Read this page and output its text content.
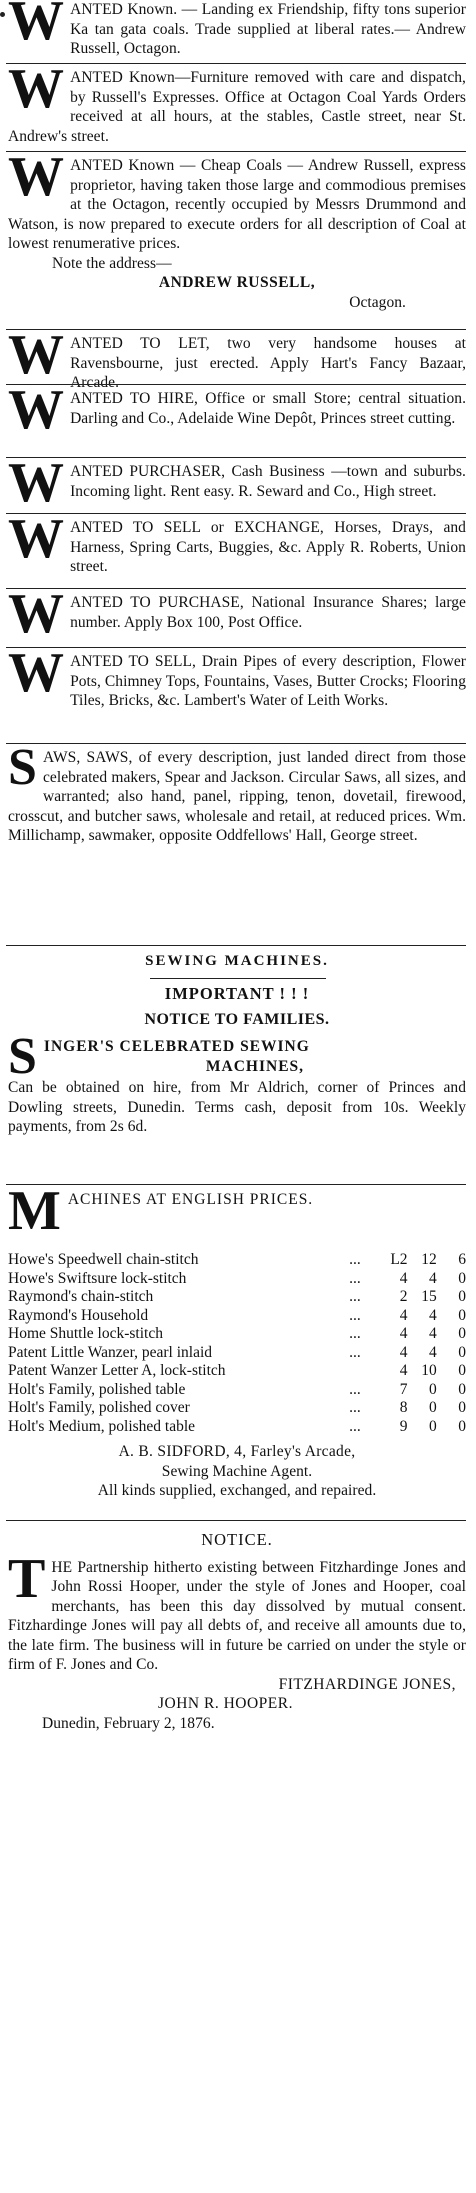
W ANTED Known. — Landing ex Friendship, fifty tons superior Ka tan gata coals. Trade supplied at liberal rates.— Andrew Russell, Octagon.

W ANTED Known—Furniture removed with care and dispatch, by Russell's Expresses. Office at Octagon Coal Yards Orders received at all hours, at the stables, Castle street, near St. Andrew's street.

W ANTED Known — Cheap Coals — Andrew Russell, express proprietor, having taken those large and commodious premises at the Octagon, recently occupied by Messrs Drummond and Watson, is now prepared to execute orders for all description of Coal at lowest renumerative prices.

Note the address—

ANDREW RUSSELL,

Octagon.

W ANTED TO LET, two very handsome houses at Ravensbourne, just erected. Apply Hart's Fancy Bazaar, Arcade.

W ANTED TO HIRE, Office or small Store; central situation. Darling and Co., Adelaide Wine Depôt, Princes street cutting.

W ANTED PURCHASER, Cash Business —town and suburbs. Incoming light. Rent easy. R. Seward and Co., High street.

W ANTED TO SELL or EXCHANGE, Horses, Drays, and Harness, Spring Carts, Buggies, &c. Apply R. Roberts, Union street.

W ANTED TO PURCHASE, National Insurance Shares; large number. Apply Box 100, Post Office.

W ANTED TO SELL, Drain Pipes of every description, Flower Pots, Chimney Tops, Fountains, Vases, Butter Crocks; Flooring Tiles, Bricks, &c. Lambert's Water of Leith Works.

S AWS, SAWS, of every description, just landed direct from those celebrated makers, Spear and Jackson. Circular Saws, all sizes, and warranted; also hand, panel, ripping, tenon, dovetail, firewood, crosscut, and butcher saws, wholesale and retail, at reduced prices. Wm. Millichamp, sawmaker, opposite Oddfellows' Hall, George street.

SEWING MACHINES.

IMPORTANT ! ! !

NOTICE TO FAMILIES.

S INGER'S CELEBRATED SEWING

MACHINES,

Can be obtained on hire, from Mr Aldrich, corner of Princes and Dowling streets, Dunedin. Terms cash, deposit from 10s. Weekly payments, from 2s 6d.

M ACHINES AT ENGLISH PRICES.

Howe's Speedwell chain-stitch	...	L2	12	6
Howe's Swiftsure lock-stitch	...	4	4	0
Raymond's chain-stitch	...	2	15	0
Raymond's Household	...	4	4	0
Home Shuttle lock-stitch	...	4	4	0
Patent Little Wanzer, pearl inlaid	...	4	4	0
Patent Wanzer Letter A, lock-stitch		4	10	0
Holt's Family, polished table	...	7	0	0
Holt's Family, polished cover	...	8	0	0
Holt's Medium, polished table	...	9	0	0

A. B. SIDFORD, 4, Farley's Arcade,

Sewing Machine Agent.

All kinds supplied, exchanged, and repaired.

NOTICE.

T HE Partnership hitherto existing between Fitzhardinge Jones and John Rossi Hooper, under the style of Jones and Hooper, coal merchants, has been this day dissolved by mutual consent. Fitzhardinge Jones will pay all debts of, and receive all amounts due to, the late firm. The business will in future be carried on under the style or firm of F. Jones and Co.

FITZHARDINGE JONES,

JOHN R. HOOPER.

Dunedin, February 2, 1876.
